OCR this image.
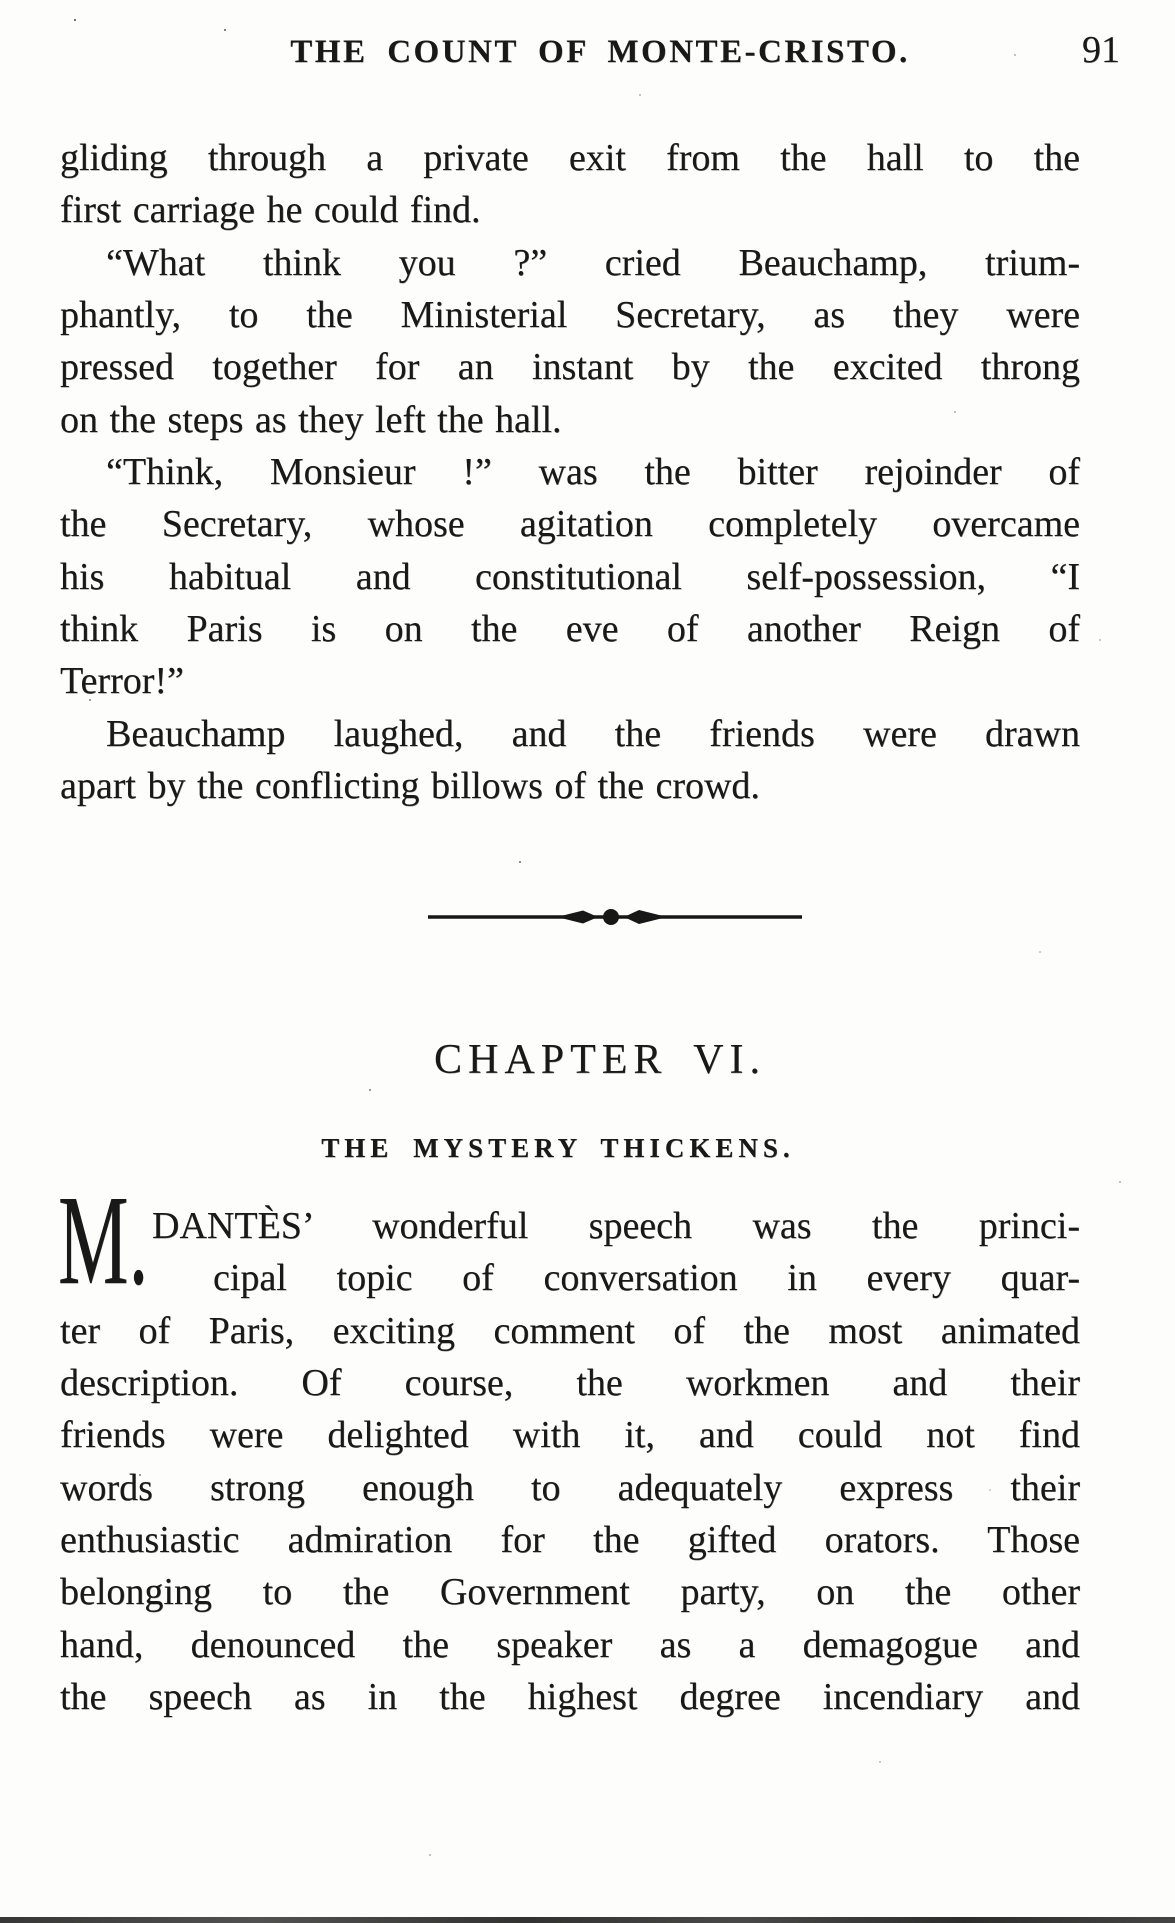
THE COUNT OF MONTE-CRISTO.	91
gliding through a private exit from the hall to the
first carriage he could find.
“What think you ?” cried Beauchamp, trium-
phantly, to the Ministerial Secretary, as they were
pressed together for an instant by the excited throng
on the steps as they left the hall.
“Think, Monsieur !” was the bitter rejoinder of
the Secretary, whose agitation completely overcame
his habitual and constitutional self-possession, “I
think Paris is on the eve of another Reign of
Terror!”
Beauchamp laughed, and the friends were drawn
apart by the conflicting billows of the crowd.
CHAPTER VI.
THE MYSTERY THICKENS.
M. DANTÈS’ wonderful speech was the princi-
cipal topic of conversation in every quar-
ter of Paris, exciting comment of the most animated
description. Of course, the workmen and their
friends were delighted with it, and could not find
words strong enough to adequately express their
enthusiastic admiration for the gifted orators. Those
belonging to the Government party, on the other
hand, denounced the speaker as a demagogue and
the speech as in the highest degree incendiary and
